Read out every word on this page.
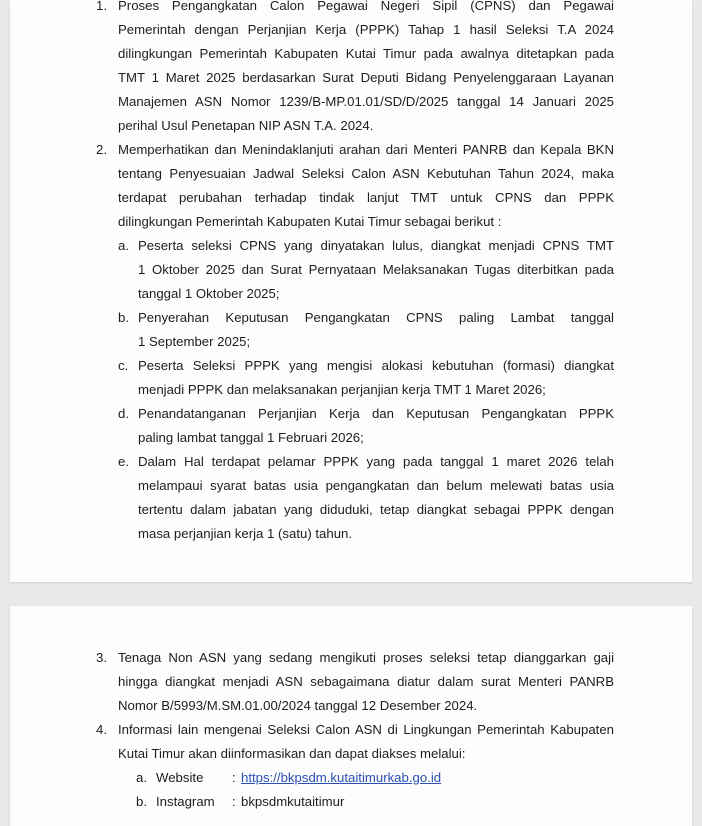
1. Proses Pengangkatan Calon Pegawai Negeri Sipil (CPNS) dan Pegawai
Pemerintah dengan Perjanjian Kerja (PPPK) Tahap 1 hasil Seleksi T.A 2024
dilingkungan Pemerintah Kabupaten Kutai Timur pada awalnya ditetapkan pada
TMT 1 Maret 2025 berdasarkan Surat Deputi Bidang Penyelenggaraan Layanan
Manajemen ASN Nomor 1239/B-MP.01.01/SD/D/2025 tanggal 14 Januari 2025
perihal Usul Penetapan NIP ASN T.A. 2024.
2. Memperhatikan dan Menindaklanjuti arahan dari Menteri PANRB dan Kepala BKN
tentang Penyesuaian Jadwal Seleksi Calon ASN Kebutuhan Tahun 2024, maka
terdapat perubahan terhadap tindak lanjut TMT untuk CPNS dan PPPK
dilingkungan Pemerintah Kabupaten Kutai Timur sebagai berikut :
a. Peserta seleksi CPNS yang dinyatakan lulus, diangkat menjadi CPNS TMT
1 Oktober 2025 dan Surat Pernyataan Melaksanakan Tugas diterbitkan pada
tanggal 1 Oktober 2025;
b. Penyerahan Keputusan Pengangkatan CPNS paling Lambat tanggal
1 September 2025;
c. Peserta Seleksi PPPK yang mengisi alokasi kebutuhan (formasi) diangkat
menjadi PPPK dan melaksanakan perjanjian kerja TMT 1 Maret 2026;
d. Penandatanganan Perjanjian Kerja dan Keputusan Pengangkatan PPPK
paling lambat tanggal 1 Februari 2026;
e. Dalam Hal terdapat pelamar PPPK yang pada tanggal 1 maret 2026 telah
melampaui syarat batas usia pengangkatan dan belum melewati batas usia
tertentu dalam jabatan yang diduduki, tetap diangkat sebagai PPPK dengan
masa perjanjian kerja 1 (satu) tahun.
3. Tenaga Non ASN yang sedang mengikuti proses seleksi tetap dianggarkan gaji
hingga diangkat menjadi ASN sebagaimana diatur dalam surat Menteri PANRB
Nomor B/5993/M.SM.01.00/2024 tanggal 12 Desember 2024.
4. Informasi lain mengenai Seleksi Calon ASN di Lingkungan Pemerintah Kabupaten
Kutai Timur akan diinformasikan dan dapat diakses melalui:
a. Website : https://bkpsdm.kutaitimurkab.go.id
b. Instagram : bkpsdmkutaitimur
